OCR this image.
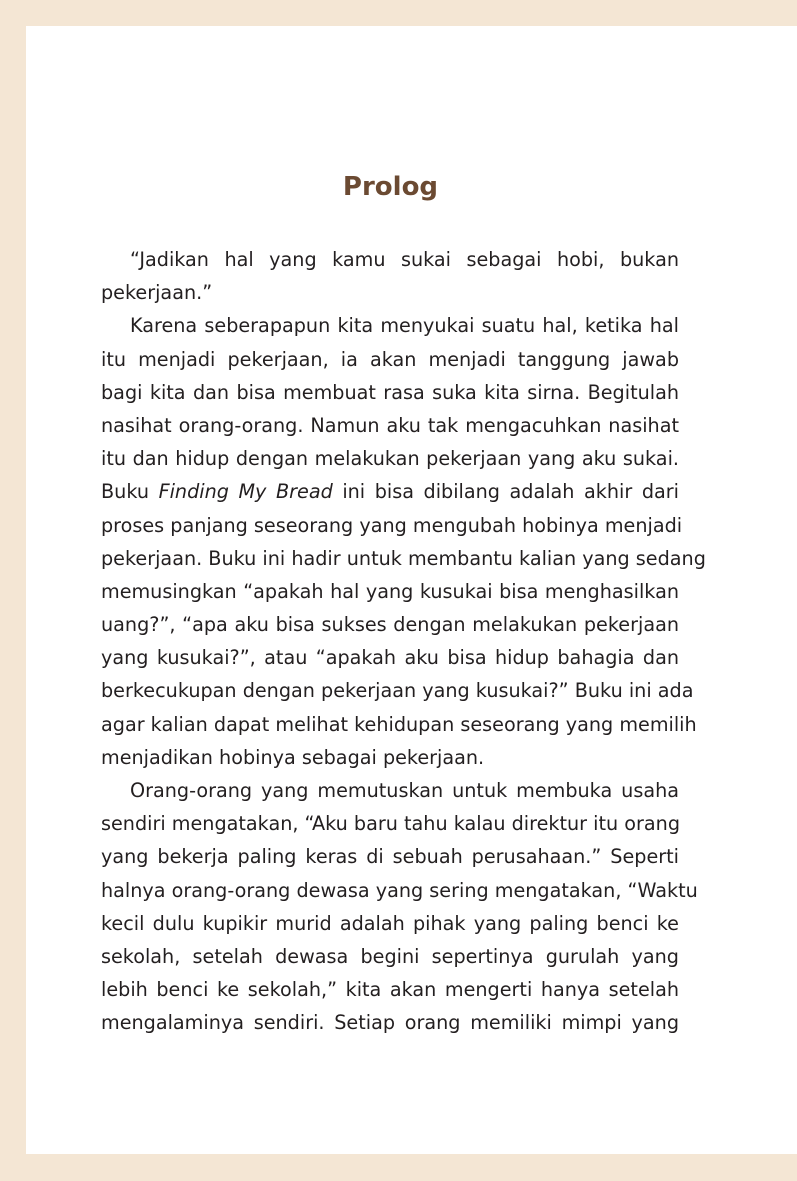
Prolog
“Jadikan hal yang kamu sukai sebagai hobi, bukan
pekerjaan.”
Karena seberapapun kita menyukai suatu hal, ketika hal
itu menjadi pekerjaan, ia akan menjadi tanggung jawab
bagi kita dan bisa membuat rasa suka kita sirna. Begitulah
nasihat orang-orang. Namun aku tak mengacuhkan nasihat
itu dan hidup dengan melakukan pekerjaan yang aku sukai.
Buku Finding My Bread ini bisa dibilang adalah akhir dari
proses panjang seseorang yang mengubah hobinya menjadi
pekerjaan. Buku ini hadir untuk membantu kalian yang sedang
memusingkan “apakah hal yang kusukai bisa menghasilkan
uang?”, “apa aku bisa sukses dengan melakukan pekerjaan
yang kusukai?”, atau “apakah aku bisa hidup bahagia dan
berkecukupan dengan pekerjaan yang kusukai?” Buku ini ada
agar kalian dapat melihat kehidupan seseorang yang memilih
menjadikan hobinya sebagai pekerjaan.
Orang-orang yang memutuskan untuk membuka usaha
sendiri mengatakan, “Aku baru tahu kalau direktur itu orang
yang bekerja paling keras di sebuah perusahaan.” Seperti
halnya orang-orang dewasa yang sering mengatakan, “Waktu
kecil dulu kupikir murid adalah pihak yang paling benci ke
sekolah, setelah dewasa begini sepertinya gurulah yang
lebih benci ke sekolah,” kita akan mengerti hanya setelah
mengalaminya sendiri. Setiap orang memiliki mimpi yang
